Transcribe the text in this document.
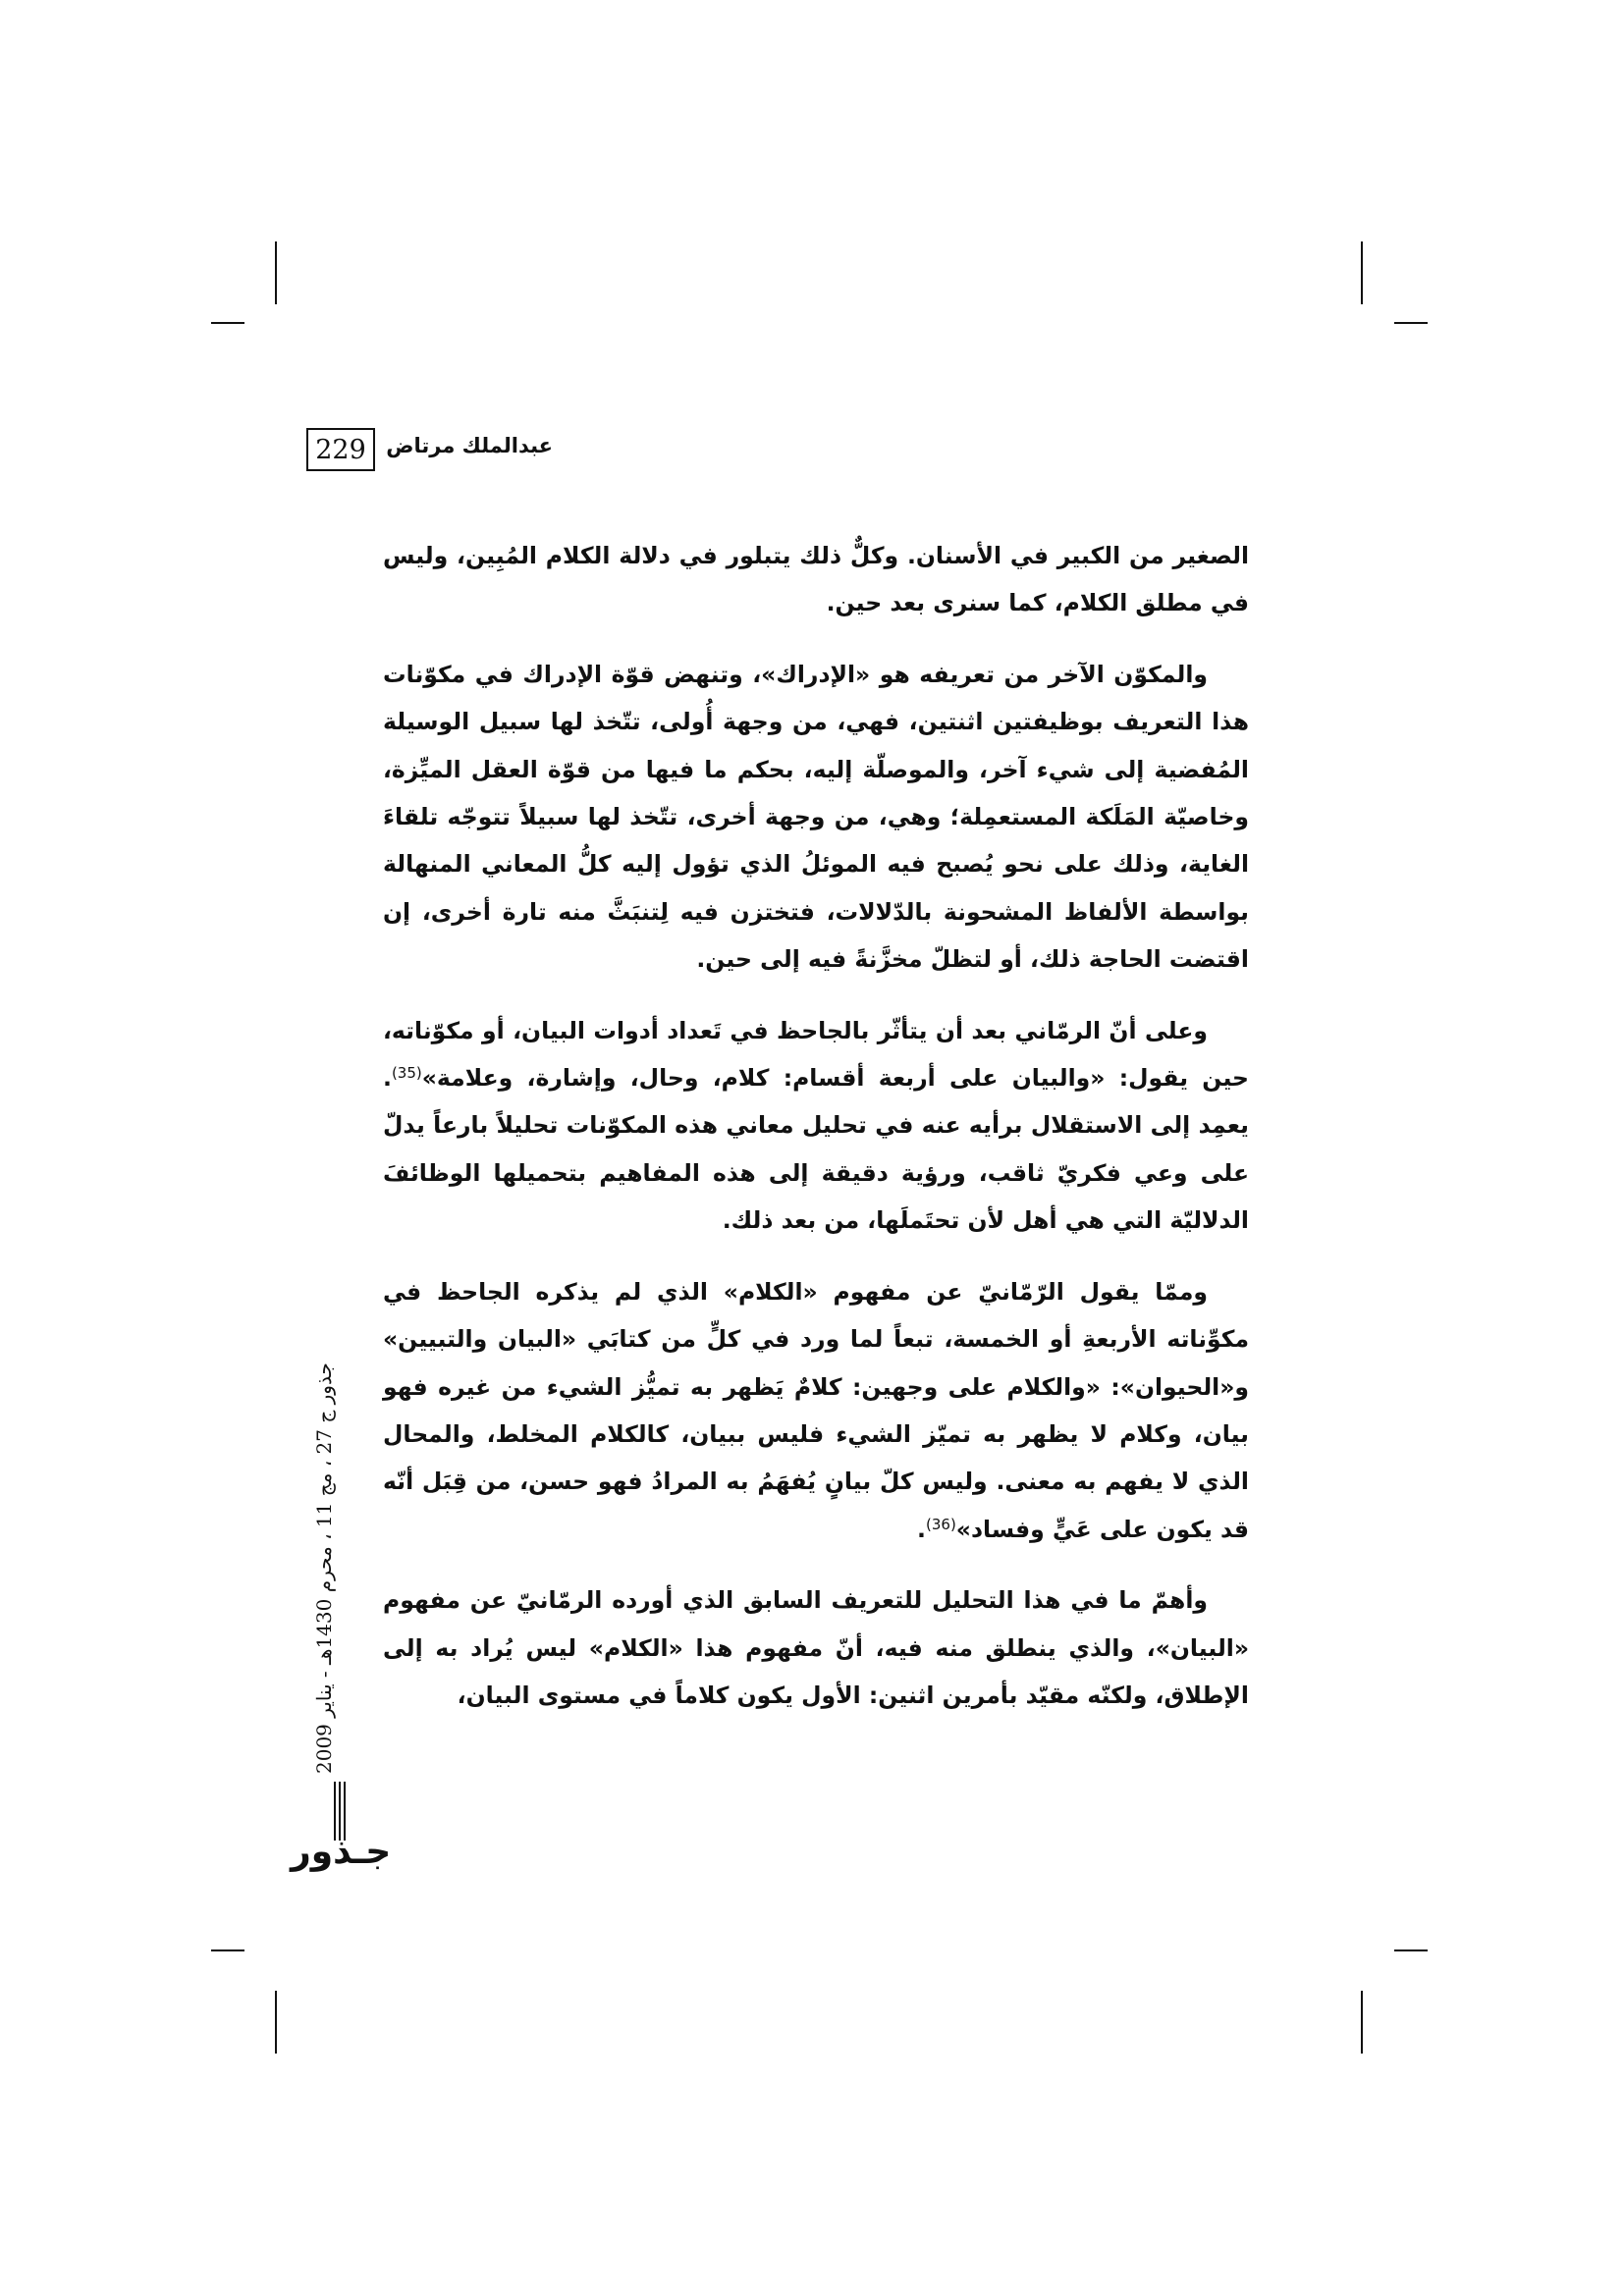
229 عبدالملك مرتاض

الصغير من الكبير في الأسنان. وكلٌّ ذلك يتبلور في دلالة الكلام المُبِين، وليس في مطلق الكلام، كما سنرى بعد حين.

والمكوّن الآخر من تعريفه هو «الإدراك»، وتنهض قوّة الإدراك في مكوّنات هذا التعريف بوظيفتين اثنتين، فهي، من وجهة أُولى، تتّخذ لها سبيل الوسيلة المُفضية إلى شيء آخر، والموصلّة إليه، بحكم ما فيها من قوّة العقل الميِّزة، وخاصيّة المَلَكة المستعمِلة؛ وهي، من وجهة أخرى، تتّخذ لها سبيلاً تتوجّه تلقاءَ الغاية، وذلك على نحو يُصبح فيه الموئلُ الذي تؤول إليه كلُّ المعاني المنهالة بواسطة الألفاظ المشحونة بالدّلالات، فتختزن فيه لِتنبَثَّ منه تارة أخرى، إن اقتضت الحاجة ذلك، أو لتظلّ مخزَّنةً فيه إلى حين.

وعلى أنّ الرمّاني بعد أن يتأثّر بالجاحظ في تَعداد أدوات البيان، أو مكوّناته، حين يقول: «والبيان على أربعة أقسام: كلام، وحال، وإشارة، وعلامة»$^{(35)}$. يعمِد إلى الاستقلال برأيه عنه في تحليل معاني هذه المكوّنات تحليلاً بارعاً يدلّ على وعي فكريّ ثاقب، ورؤية دقيقة إلى هذه المفاهيم بتحميلها الوظائفَ الدلاليّة التي هي أهل لأن تحتَملَها، من بعد ذلك.

وممّا يقول الرّمّانيّ عن مفهوم «الكلام» الذي لم يذكره الجاحظ في مكوِّناته الأربعةِ أو الخمسة، تبعاً لما ورد في كلٍّ من كتابَي «البيان والتبيين» و«الحيوان»: «والكلام على وجهين: كلامٌ يَظهر به تميُّز الشيء من غيره فهو بيان، وكلام لا يظهر به تميّز الشيء فليس ببيان، كالكلام المخلط، والمحال الذي لا يفهم به معنى. وليس كلّ بيانٍ يُفهَمُ به المرادُ فهو حسن، من قِبَل أنّه قد يكون على عَيٍّ وفساد»$^{(36)}$.

وأهمّ ما في هذا التحليل للتعريف السابق الذي أورده الرمّانيّ عن مفهوم «البيان»، والذي ينطلق منه فيه، أنّ مفهوم هذا «الكلام» ليس يُراد به إلى الإطلاق، ولكنّه مقيّد بأمرين اثنين: الأول يكون كلاماً في مستوى البيان،

جذور ج 27 ، مج 11 ، محرم 1430هـ - يناير 2009
جـذور
